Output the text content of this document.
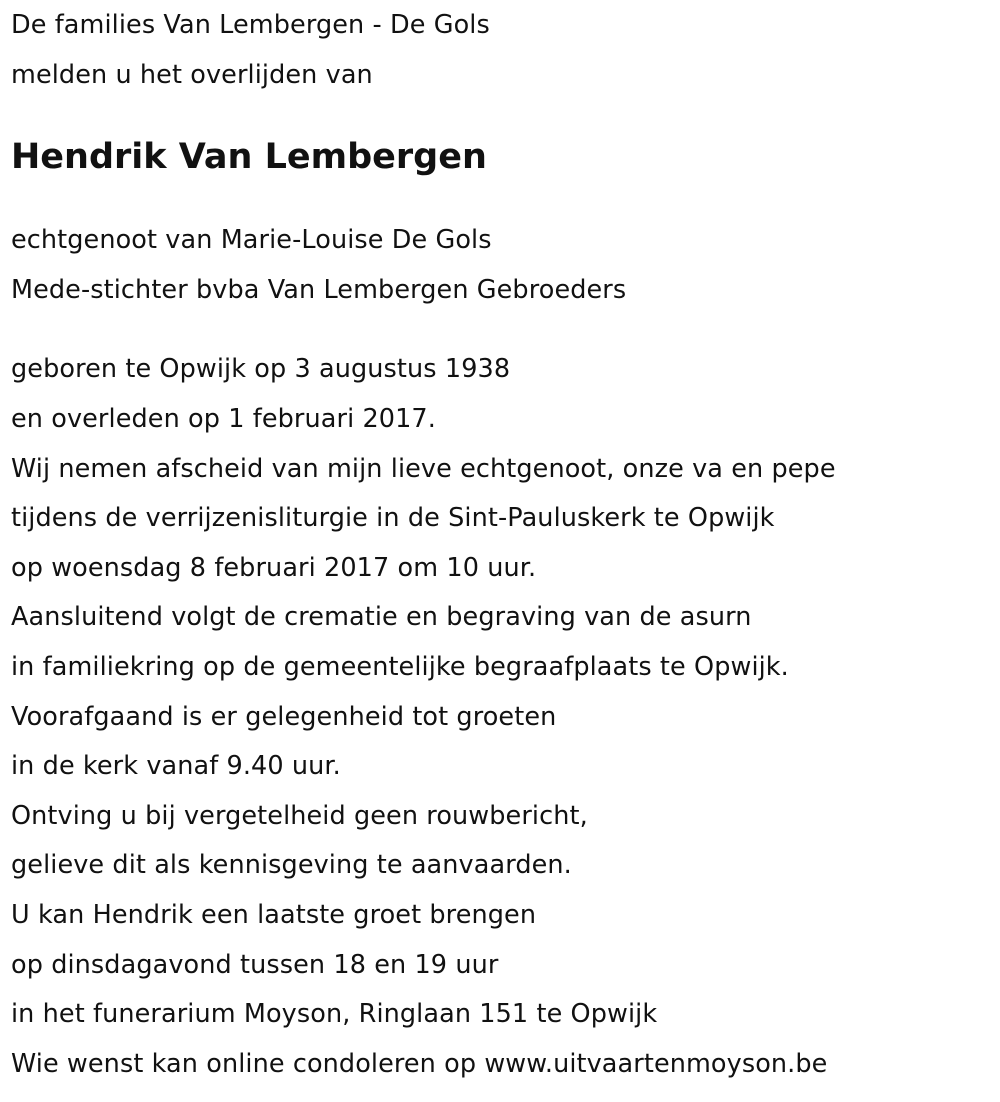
De families Van Lembergen - De Gols
melden u het overlijden van
Hendrik Van Lembergen
echtgenoot van Marie-Louise De Gols
Mede-stichter bvba Van Lembergen Gebroeders
geboren te Opwijk op 3 augustus 1938
en overleden op 1 februari 2017.
Wij nemen afscheid van mijn lieve echtgenoot, onze va en pepe
tijdens de verrijzenisliturgie in de Sint-Pauluskerk te Opwijk
op woensdag 8 februari 2017 om 10 uur.
Aansluitend volgt de crematie en begraving van de asurn
in familiekring op de gemeentelijke begraafplaats te Opwijk.
Voorafgaand is er gelegenheid tot groeten
in de kerk vanaf 9.40 uur.
Ontving u bij vergetelheid geen rouwbericht,
gelieve dit als kennisgeving te aanvaarden.
U kan Hendrik een laatste groet brengen
op dinsdagavond tussen 18 en 19 uur
in het funerarium Moyson, Ringlaan 151 te Opwijk
Wie wenst kan online condoleren op www.uitvaartenmoyson.be
